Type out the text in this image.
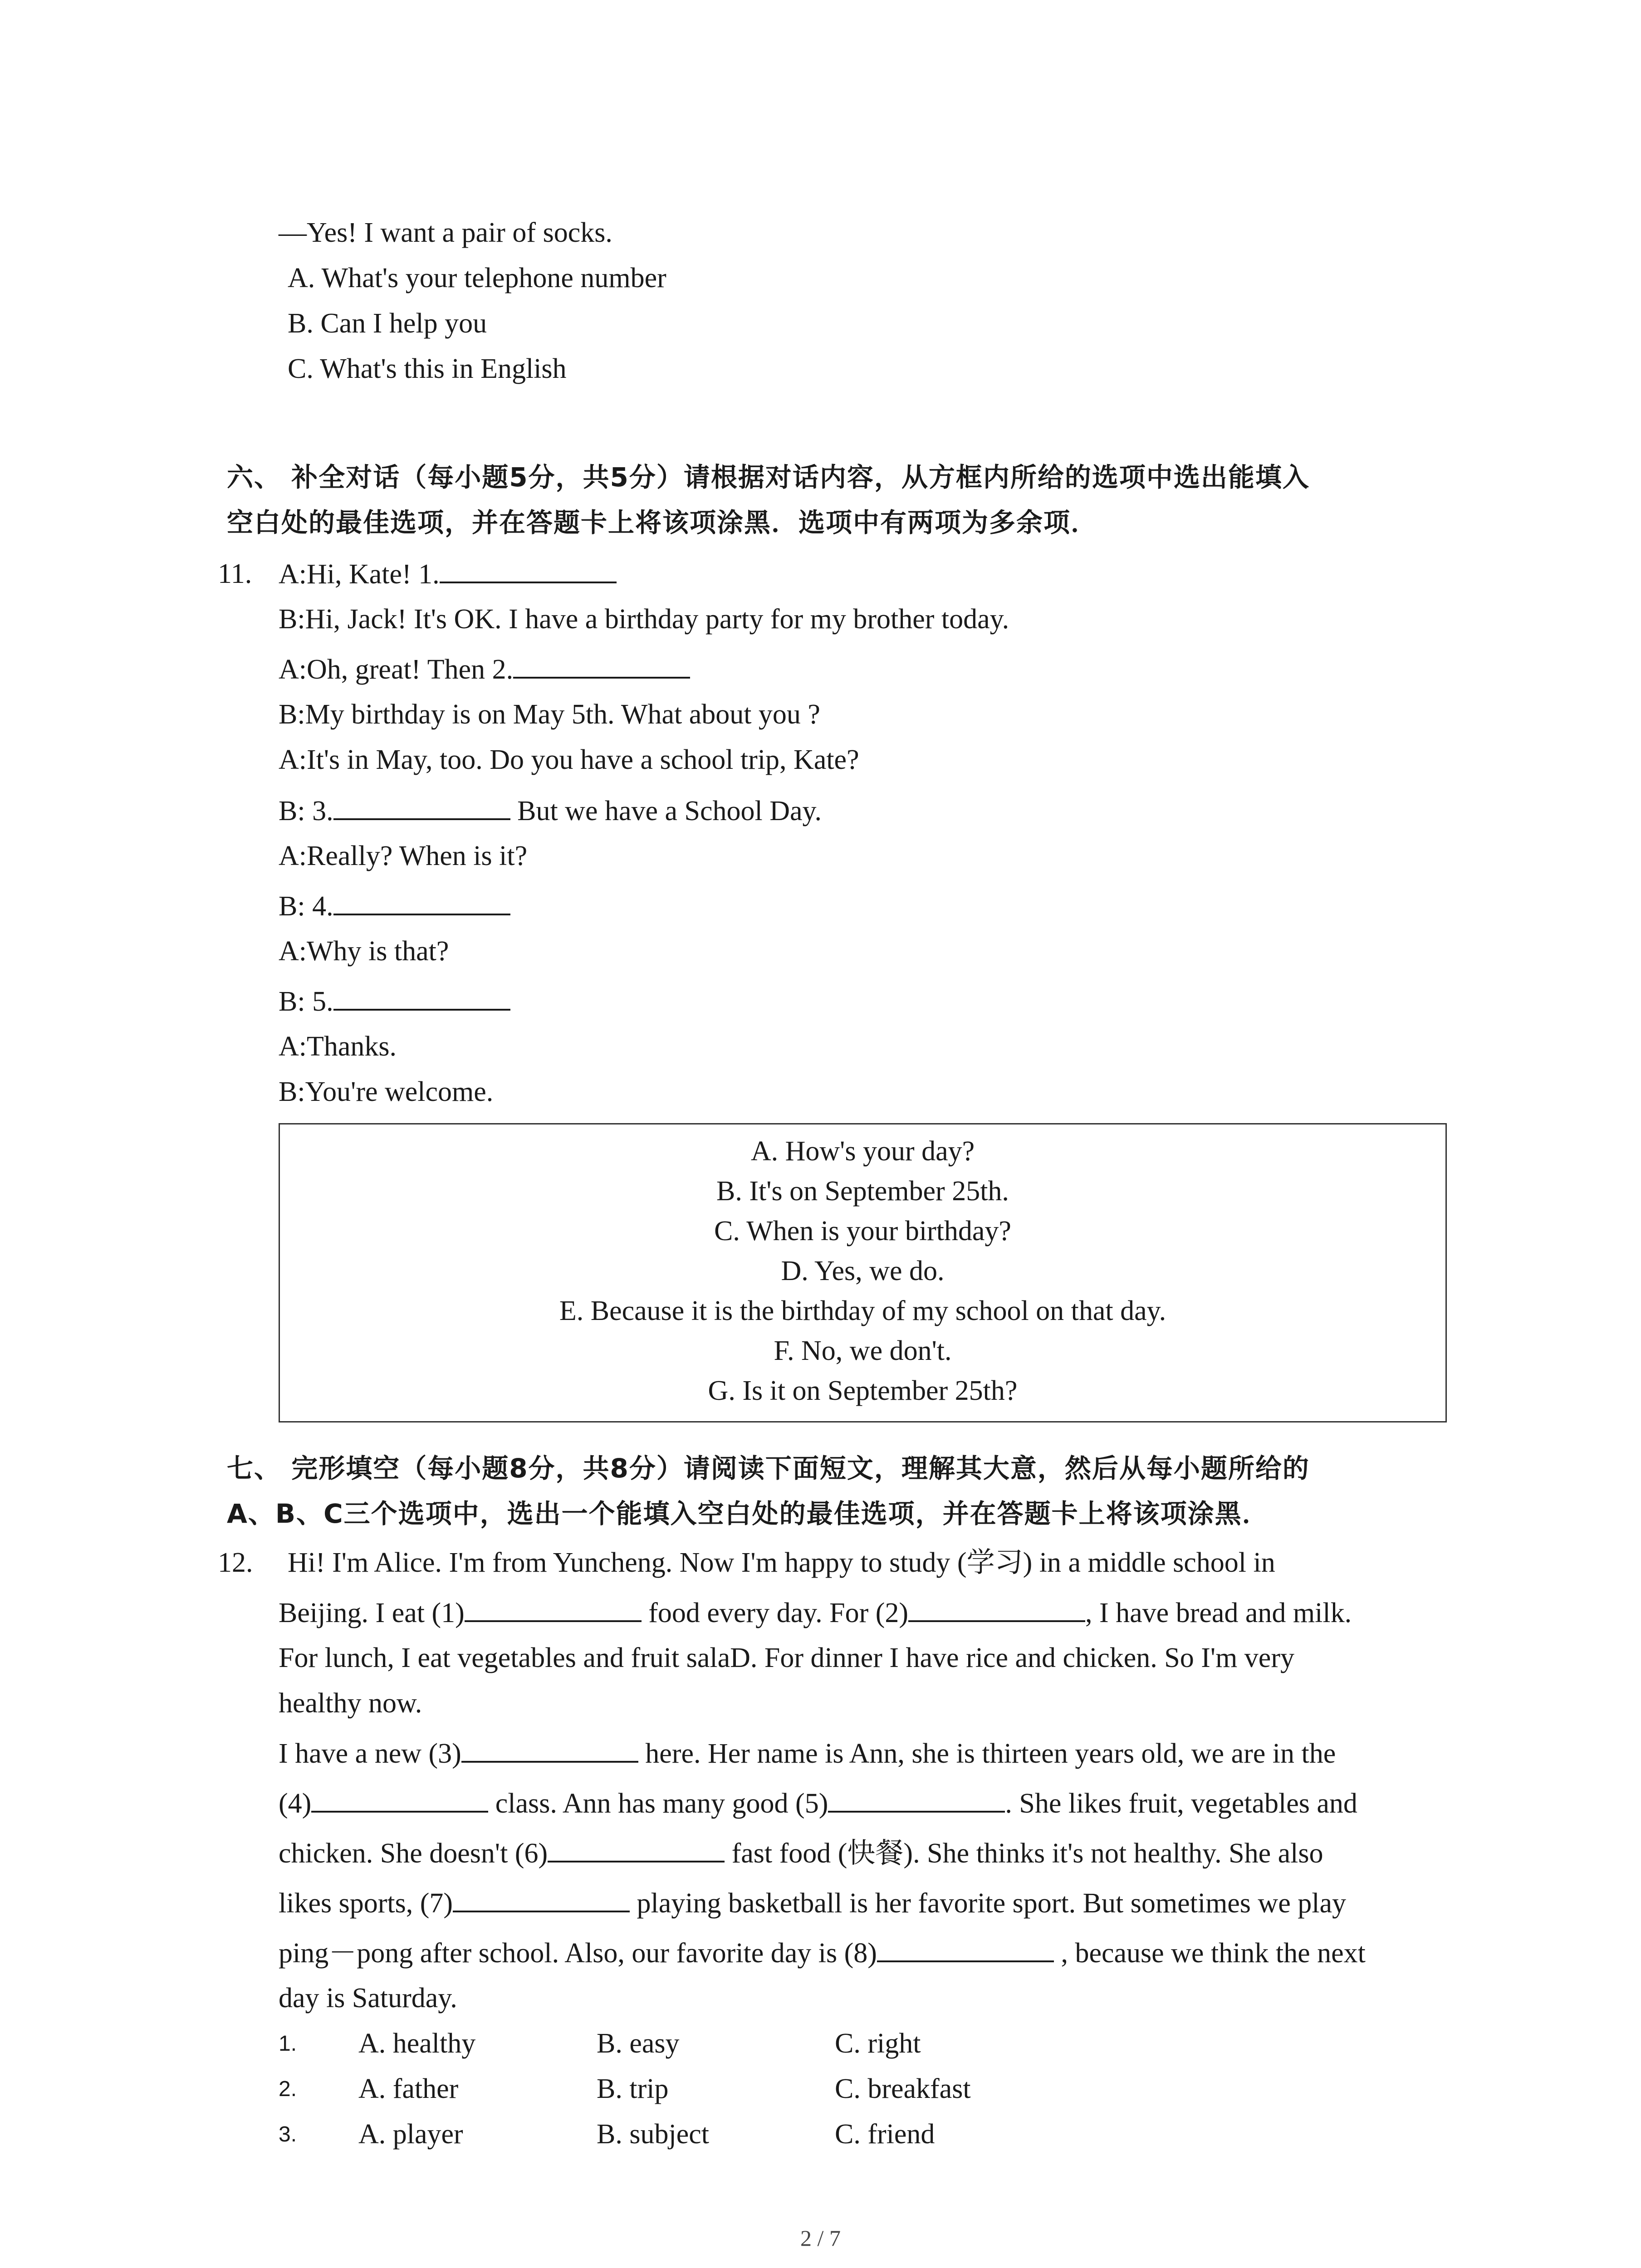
—Yes! I want a pair of socks.
A. What's your telephone number
B. Can I help you
C. What's this in English
六、 补全对话（每小题5分，共5分）请根据对话内容，从方框内所给的选项中选出能填入
空白处的最佳选项，并在答题卡上将该项涂黑．选项中有两项为多余项．
11. A:Hi, Kate! 1.
B:Hi, Jack! It's OK. I have a birthday party for my brother today.
A:Oh, great! Then 2.
B:My birthday is on May 5th. What about you ?
A:It's in May, too. Do you have a school trip, Kate?
B: 3.	But we have a School Day.
A:Really? When is it?
B: 4.
A:Why is that?
B: 5.
A:Thanks.
B:You're welcome.
A. How's your day?
B. It's on September 25th.
C. When is your birthday?
D. Yes, we do.
E. Because it is the birthday of my school on that day.
F. No, we don't.
G. Is it on September 25th?
七、 完形填空（每小题8分，共8分）请阅读下面短文，理解其大意，然后从每小题所给的
A、B、C三个选项中，选出一个能填入空白处的最佳选项，并在答题卡上将该项涂黑．
12. Hi! I'm Alice. I'm from Yuncheng. Now I'm happy to study (学习) in a middle school in
Beijing. I eat (1)	food every day. For (2)	, I have bread and milk.
For lunch, I eat vegetables and fruit salaD. For dinner I have rice and chicken. So I'm very
healthy now.
I have a new (3)	here. Her name is Ann, she is thirteen years old, we are in the
(4)	class. Ann has many good (5)	. She likes fruit, vegetables and
chicken. She doesn't (6)	fast food (快餐). She thinks it's not healthy. She also
likes sports, (7)	playing basketball is her favorite sport. But sometimes we play
ping－pong after school. Also, our favorite day is (8)	, because we think the next
day is Saturday.
1. A. healthy	B. easy	C. right
2. A. father	B. trip	C. breakfast
3. A. player	B. subject	C. friend
2 / 7
